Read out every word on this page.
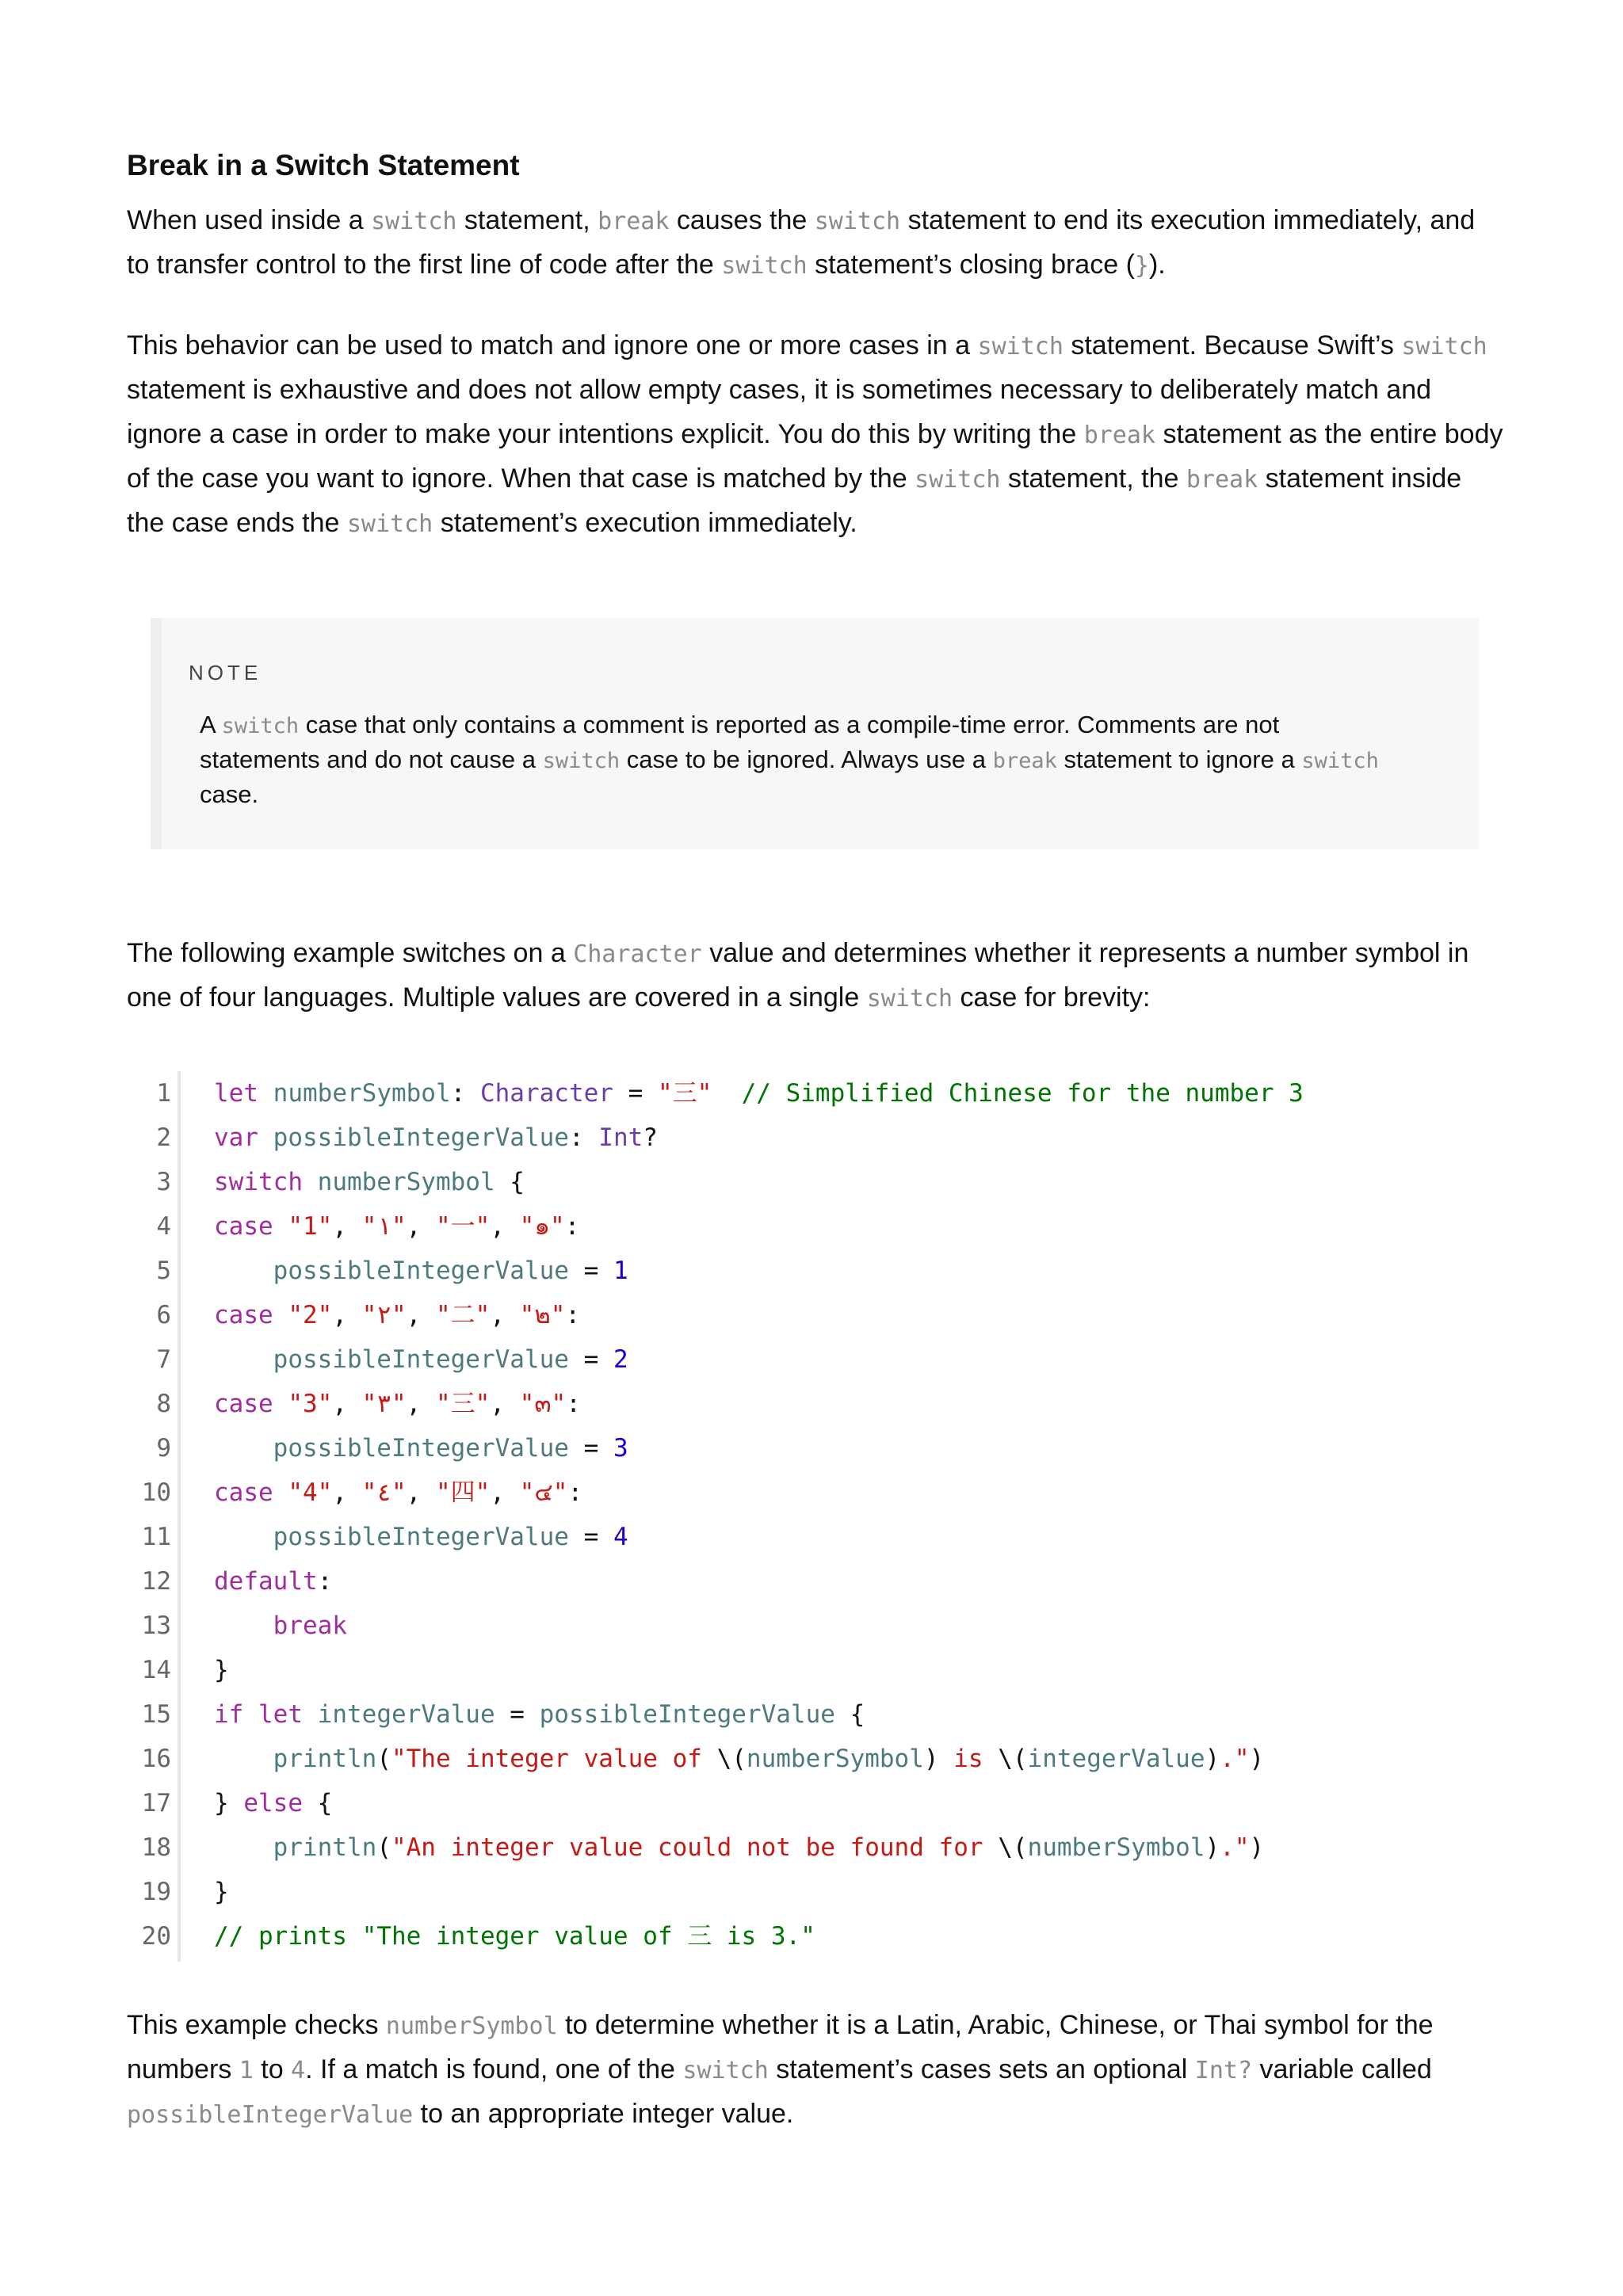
Break in a Switch Statement
When used inside a switch statement, break causes the switch statement to end its execution immediately, and
to transfer control to the first line of code after the switch statement’s closing brace (}).
This behavior can be used to match and ignore one or more cases in a switch statement. Because Swift’s switch
statement is exhaustive and does not allow empty cases, it is sometimes necessary to deliberately match and
ignore a case in order to make your intentions explicit. You do this by writing the break statement as the entire body
of the case you want to ignore. When that case is matched by the switch statement, the break statement inside
the case ends the switch statement’s execution immediately.
NOTE
A switch case that only contains a comment is reported as a compile-time error. Comments are not
statements and do not cause a switch case to be ignored. Always use a break statement to ignore a switch
case.
The following example switches on a Character value and determines whether it represents a number symbol in
one of four languages. Multiple values are covered in a single switch case for brevity:
1 let numberSymbol: Character = "三" // Simplified Chinese for the number 3
2 var possibleIntegerValue: Int?
3 switch numberSymbol {
4 case "1", "١", "一", "๑":
5	possibleIntegerValue = 1
6 case "2", "٢", "二", "๒":
7	possibleIntegerValue = 2
8 case "3", "٣", "三", "๓":
9	possibleIntegerValue = 3
10 case "4", "٤", "四", "๔":
11	possibleIntegerValue = 4
12 default:
13	break
14 }
15 if let integerValue = possibleIntegerValue {
16	println("The integer value of \(numberSymbol) is \(integerValue).")
17 } else {
18	println("An integer value could not be found for \(numberSymbol).")
19 }
20 // prints "The integer value of 三 is 3."
This example checks numberSymbol to determine whether it is a Latin, Arabic, Chinese, or Thai symbol for the
numbers 1 to 4. If a match is found, one of the switch statement’s cases sets an optional Int? variable called
possibleIntegerValue to an appropriate integer value.
